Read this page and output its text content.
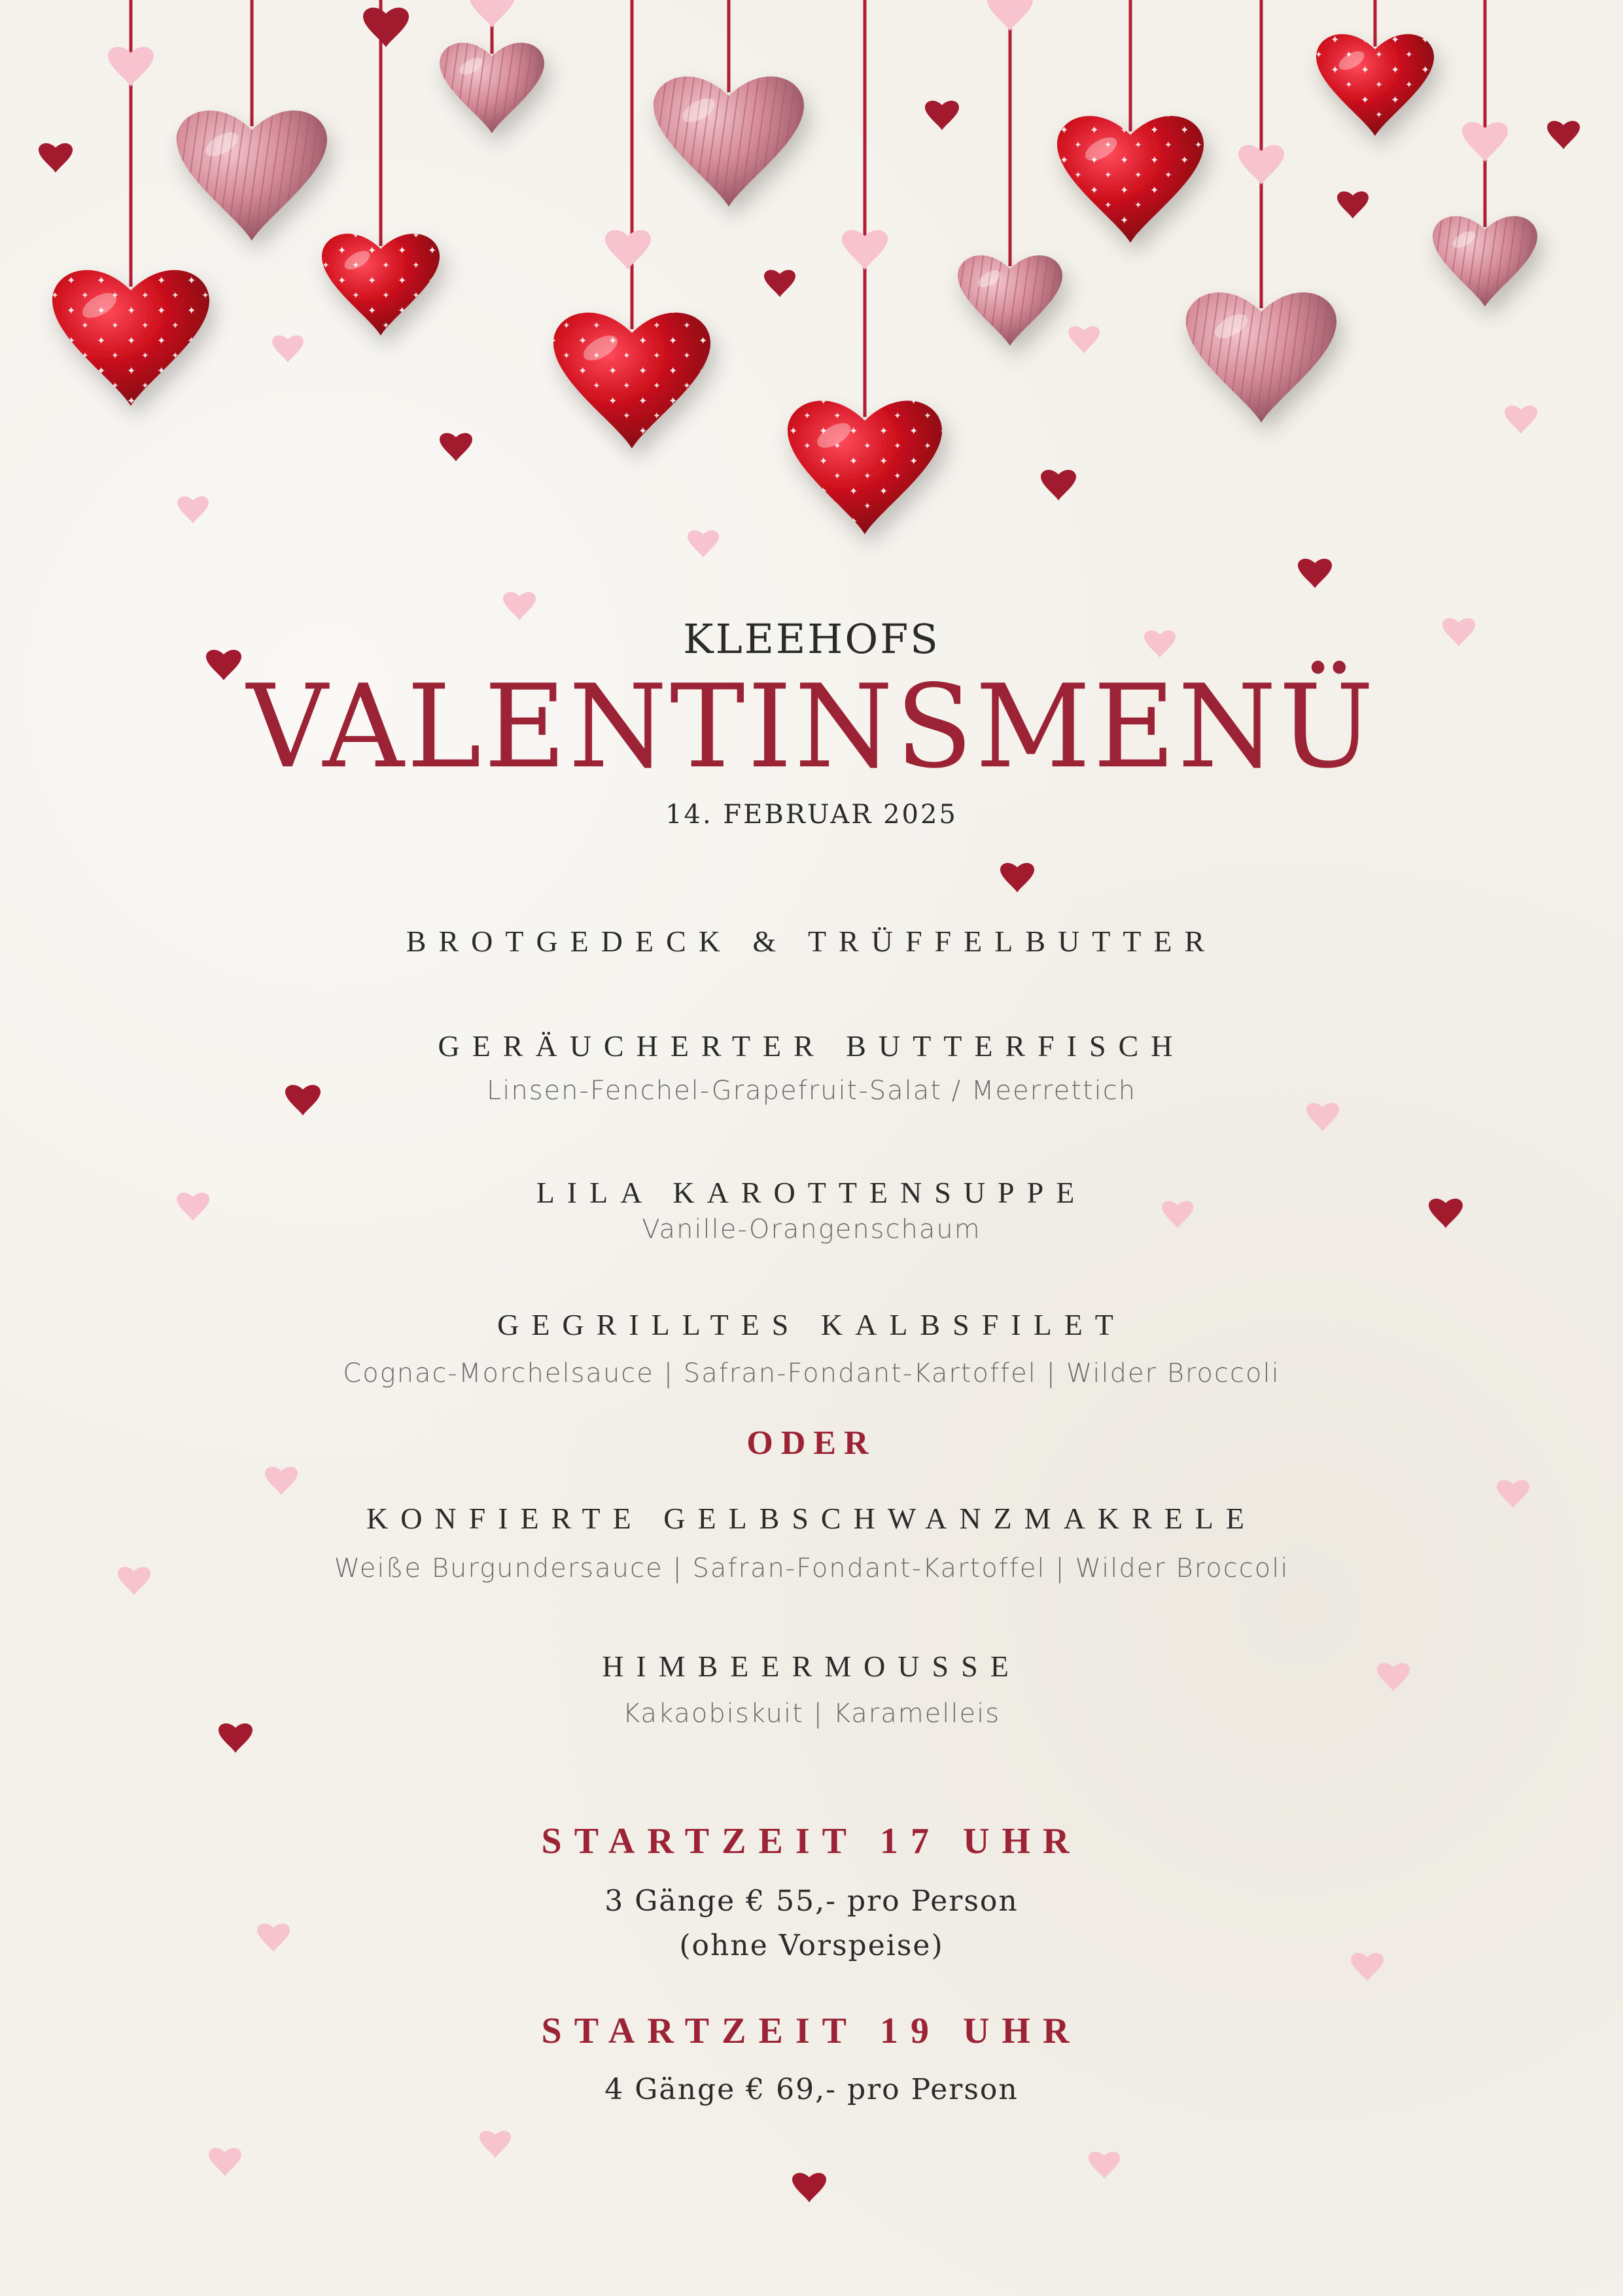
KLEEHOFS
VALENTINSMENÜ
14. FEBRUAR 2025
BROTGEDECK & TRÜFFELBUTTER
GERÄUCHERTER BUTTERFISCH
Linsen-Fenchel-Grapefruit-Salat / Meerrettich
LILA KAROTTENSUPPE
Vanille-Orangenschaum
GEGRILLTES KALBSFILET
Cognac-Morchelsauce | Safran-Fondant-Kartoffel | Wilder Broccoli
ODER
KONFIERTE GELBSCHWANZMAKRELE
Weiße Burgundersauce | Safran-Fondant-Kartoffel | Wilder Broccoli
HIMBEERMOUSSE
Kakaobiskuit | Karamelleis
STARTZEIT 17 UHR
3 Gänge € 55,- pro Person
(ohne Vorspeise)
STARTZEIT 19 UHR
4 Gänge € 69,- pro Person
